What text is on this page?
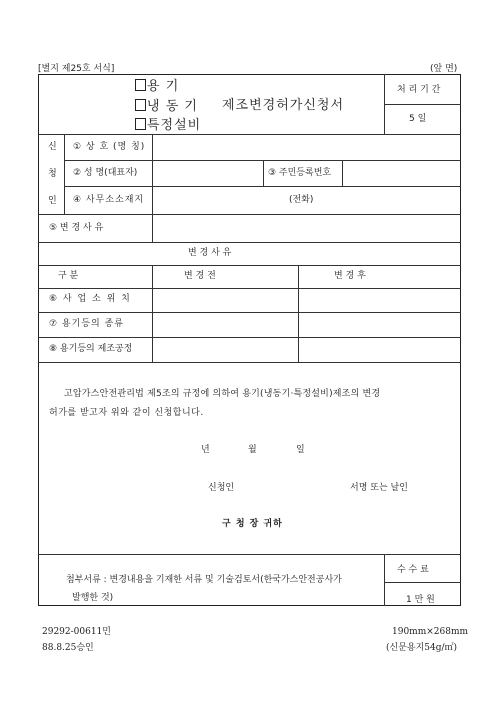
[별지 제25호 서식]	(앞 면)
용 기
냉 동 기 제조변경허가신청서
특정설비
처 리 기 간
5 일
신
청
인
① 상 호 (명 칭)
② 성 명(대표자)	③ 주민등록번호
④ 사무소소재지	(전화)
⑤ 변 경 사 유
변 경 사 유
구 분	변 경 전	변 경 후
⑥ 사 업 소 위 치
⑦ 용기등의 종류
⑧ 용기등의 제조공정
고압가스안전관리법 제5조의 규정에 의하여 용기(냉동기·특정설비)제조의 변경
허가를 받고자 위와 같이 신청합니다.
년	월	일
신청인	서명 또는 날인
구 청 장 귀하
첨부서류 : 변경내용을 기재한 서류 및 기술검토서(한국가스안전공사가
발행한 것)
수 수 료
1 만 원
29292-00611민
88.8.25승인
190mm×268mm
(신문용지54g/㎡)
